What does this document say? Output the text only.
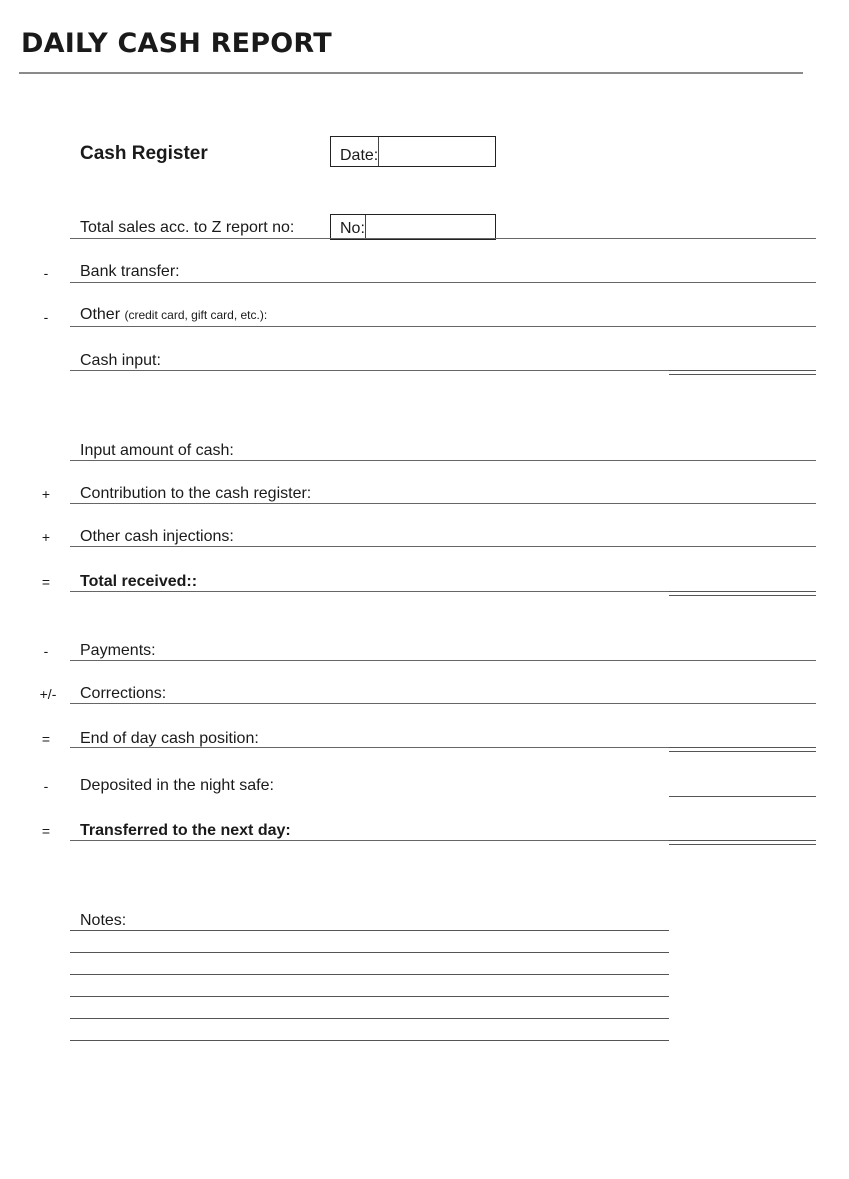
DAILY CASH REPORT
Cash Register	Date:
Total sales acc. to Z report no:	No:
-	Bank transfer:
-	Other (credit card, gift card, etc.):
Cash input:
Input amount of cash:
+	Contribution to the cash register:
+	Other cash injections:
=	Total received::
-	Payments:
+/- Corrections:
=	End of day cash position:
-	Deposited in the night safe:
=	Transferred to the next day:
Notes:
